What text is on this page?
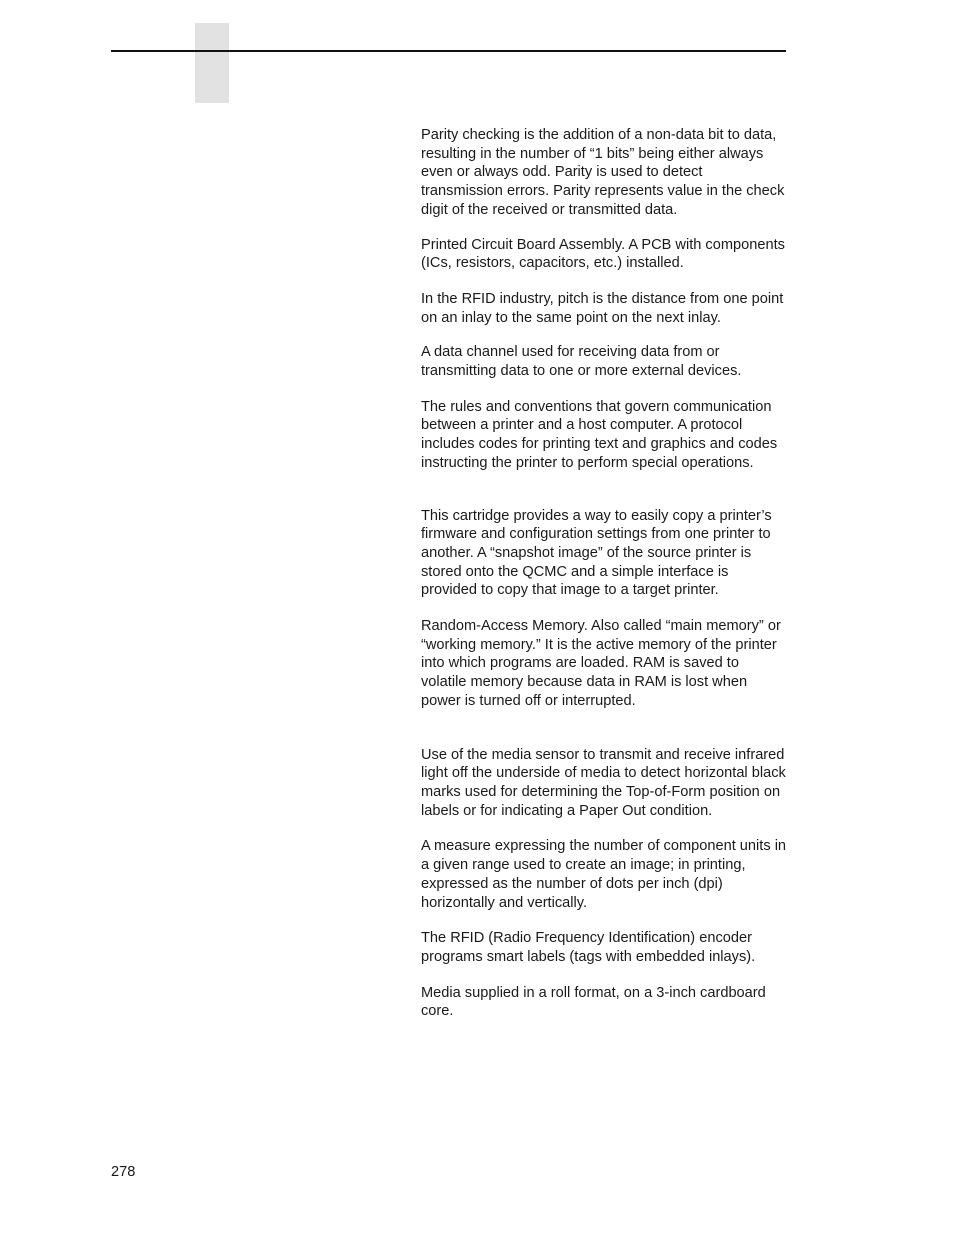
Parity checking is the addition of a non-data bit to data, resulting in the number of “1 bits” being either always even or always odd. Parity is used to detect transmission errors. Parity represents value in the check digit of the received or transmitted data.

Printed Circuit Board Assembly. A PCB with components (ICs, resistors, capacitors, etc.) installed.

In the RFID industry, pitch is the distance from one point on an inlay to the same point on the next inlay.

A data channel used for receiving data from or transmitting data to one or more external devices.

The rules and conventions that govern communication between a printer and a host computer. A protocol includes codes for printing text and graphics and codes instructing the printer to perform special operations.

This cartridge provides a way to easily copy a printer’s firmware and configuration settings from one printer to another. A “snapshot image” of the source printer is stored onto the QCMC and a simple interface is provided to copy that image to a target printer.

Random-Access Memory. Also called “main memory” or “working memory.” It is the active memory of the printer into which programs are loaded. RAM is saved to volatile memory because data in RAM is lost when power is turned off or interrupted.

Use of the media sensor to transmit and receive infrared light off the underside of media to detect horizontal black marks used for determining the Top-of-Form position on labels or for indicating a Paper Out condition.

A measure expressing the number of component units in a given range used to create an image; in printing, expressed as the number of dots per inch (dpi) horizontally and vertically.

The RFID (Radio Frequency Identification) encoder programs smart labels (tags with embedded inlays).

Media supplied in a roll format, on a 3-inch cardboard core.

278
